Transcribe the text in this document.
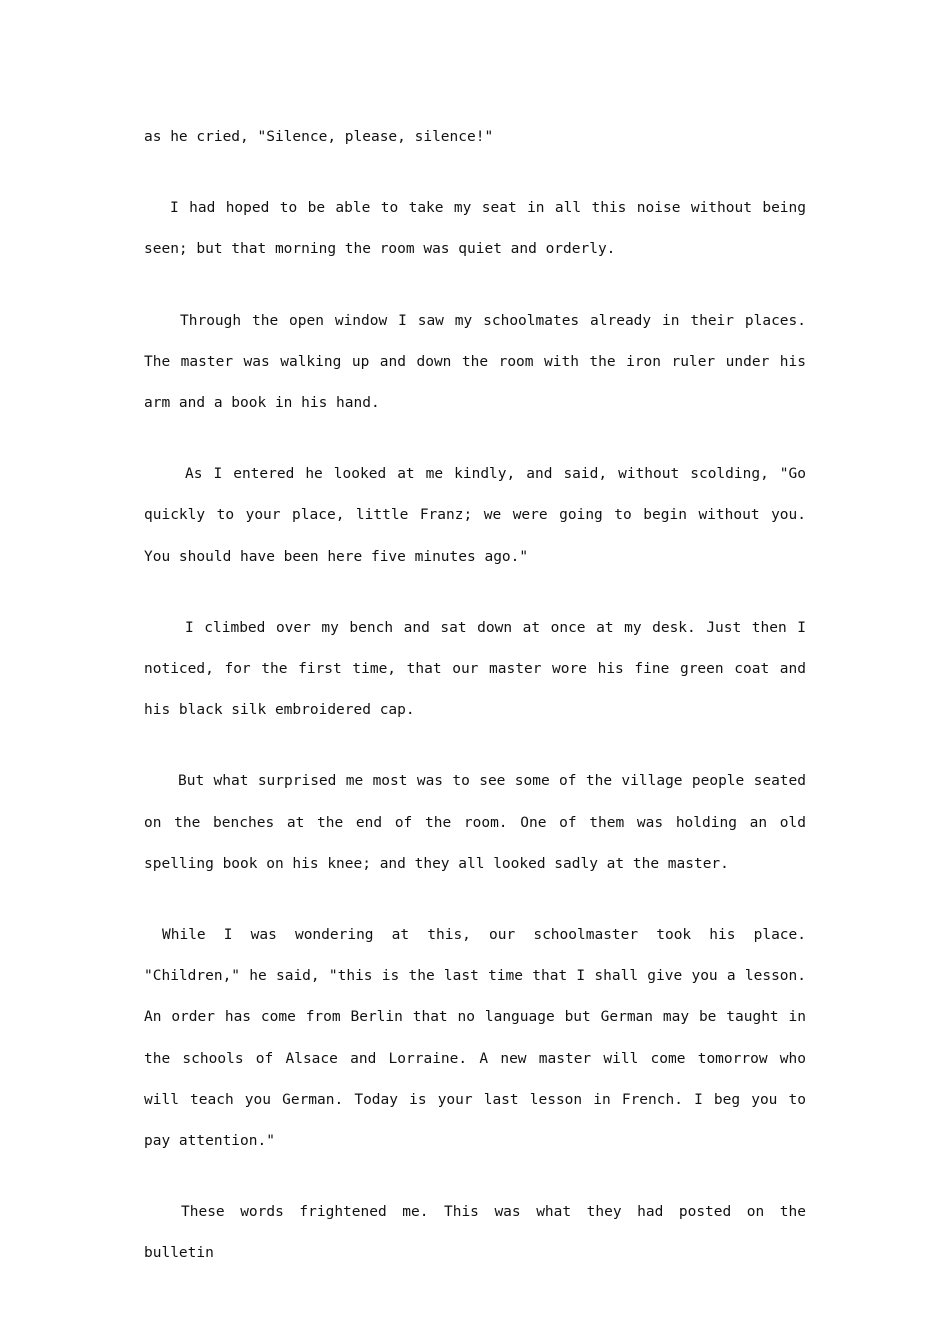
as he cried, "Silence, please, silence!"

I had hoped to be able to take my seat in all this noise without being seen; but that morning the room was quiet and orderly.

Through the open window I saw my schoolmates already in their places. The master was walking up and down the room with the iron ruler under his arm and a book in his hand.

As I entered he looked at me kindly, and said, without scolding, "Go quickly to your place, little Franz; we were going to begin without you. You should have been here five minutes ago."

I climbed over my bench and sat down at once at my desk. Just then I noticed, for the first time, that our master wore his fine green coat and his black silk embroidered cap.

But what surprised me most was to see some of the village people seated on the benches at the end of the room. One of them was holding an old spelling book on his knee; and they all looked sadly at the master.

While I was wondering at this, our schoolmaster took his place. "Children," he said, "this is the last time that I shall give you a lesson. An order has come from Berlin that no language but German may be taught in the schools of Alsace and Lorraine. A new master will come tomorrow who will teach you German. Today is your last lesson in French. I beg you to pay attention."

These words frightened me. This was what they had posted on the bulletin
